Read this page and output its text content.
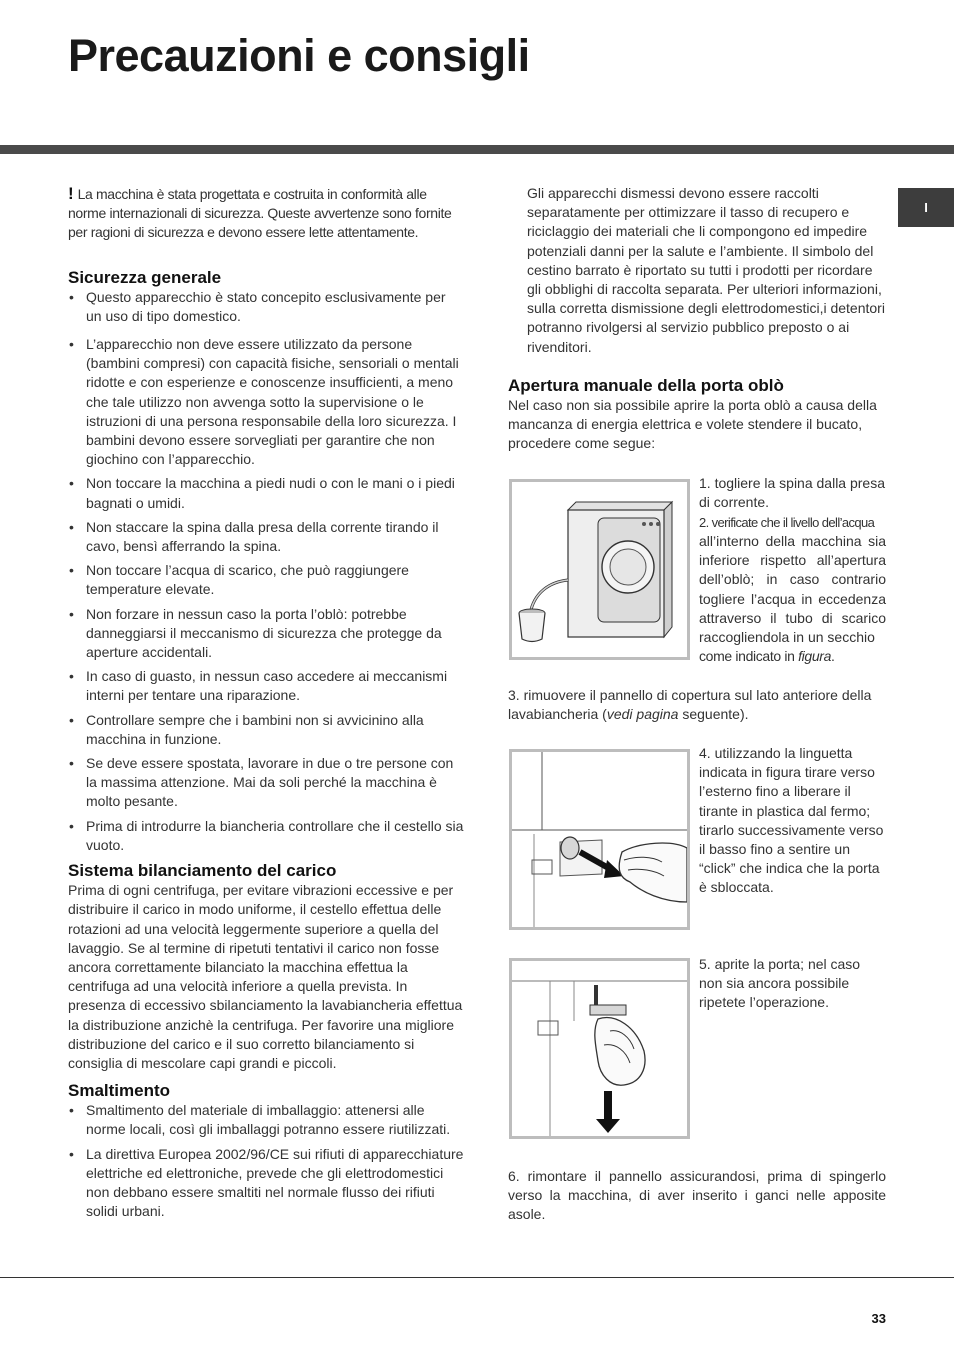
Precauzioni e consigli
I

! La macchina è stata progettata e costruita in conformità alle norme internazionali di sicurezza. Queste avvertenze sono fornite per ragioni di sicurezza e devono essere lette attentamente.

Sicurezza generale
• Questo apparecchio è stato concepito esclusivamente per un uso di tipo domestico.
• L’apparecchio non deve essere utilizzato da persone (bambini compresi) con capacità fisiche, sensoriali o mentali ridotte e con esperienze e conoscenze insufficienti, a meno che tale utilizzo non avvenga sotto la supervisione o le istruzioni di una persona responsabile della loro sicurezza. I bambini devono essere sorvegliati per garantire che non giochino con l’apparecchio.
• Non toccare la macchina a piedi nudi o con le mani o i piedi bagnati o umidi.
• Non staccare la spina dalla presa della corrente tirando il cavo, bensì afferrando la spina.
• Non toccare l’acqua di scarico, che può raggiungere temperature elevate.
• Non forzare in nessun caso la porta l’oblò: potrebbe danneggiarsi il meccanismo di sicurezza che protegge da aperture accidentali.
• In caso di guasto, in nessun caso accedere ai meccanismi interni per tentare una riparazione.
• Controllare sempre che i bambini non si avvicinino alla macchina in funzione.
• Se deve essere spostata, lavorare in due o tre persone con la massima attenzione. Mai da soli perché la macchina è molto pesante.
• Prima di introdurre la biancheria controllare che il cestello sia vuoto.
Sistema bilanciamento del carico

Prima di ogni centrifuga, per evitare vibrazioni eccessive e per distribuire il carico in modo uniforme, il cestello effettua delle rotazioni ad una velocità leggermente superiore a quella del lavaggio. Se al termine di ripetuti tentativi il carico non fosse ancora correttamente bilanciato la macchina effettua la centrifuga ad una velocità inferiore a quella prevista. In presenza di eccessivo sbilanciamento la lavabiancheria effettua la distribuzione anzichè la centrifuga. Per favorire una migliore distribuzione del carico e il suo corretto bilanciamento si consiglia di mescolare capi grandi e piccoli.

Smaltimento
• Smaltimento del materiale di imballaggio: attenersi alle norme locali, così gli imballaggi potranno essere riutilizzati.
• La direttiva Europea 2002/96/CE sui rifiuti di apparecchiature elettriche ed elettroniche, prevede che gli elettrodomestici non debbano essere smaltiti nel normale flusso dei rifiuti solidi urbani.

Gli apparecchi dismessi devono essere raccolti separatamente per ottimizzare il tasso di recupero e riciclaggio dei materiali che li compongono ed impedire potenziali danni per la salute e l’ambiente. Il simbolo del cestino barrato è riportato su tutti i prodotti per ricordare gli obblighi di raccolta separata. Per ulteriori informazioni, sulla corretta dismissione degli elettrodomestici,i detentori potranno rivolgersi al servizio pubblico preposto o ai rivenditori.

Apertura manuale della porta oblò

Nel caso non sia possibile aprire la porta oblò a causa della mancanza di energia elettrica e volete stendere il bucato, procedere come segue:

1. togliere la spina dalla presa di corrente.
2. verificate che il livello dell’acqua
all’interno della macchina sia inferiore rispetto all’apertura dell’oblò; in caso contrario togliere l’acqua in eccedenza attraverso il tubo di scarico raccogliendola in un secchio
come indicato in figura.
3. rimuovere il pannello di copertura sul lato anteriore della lavabiancheria (vedi pagina seguente).
4. utilizzando la linguetta indicata in figura tirare verso l’esterno fino a liberare il tirante in plastica dal fermo; tirarlo successivamente verso il basso fino a sentire un “click” che indica che la porta è sbloccata.
5. aprite la porta; nel caso non sia ancora possibile ripetete l’operazione.
6. rimontare il pannello assicurandosi, prima di spingerlo verso la macchina, di aver inserito i ganci nelle apposite asole.
33
